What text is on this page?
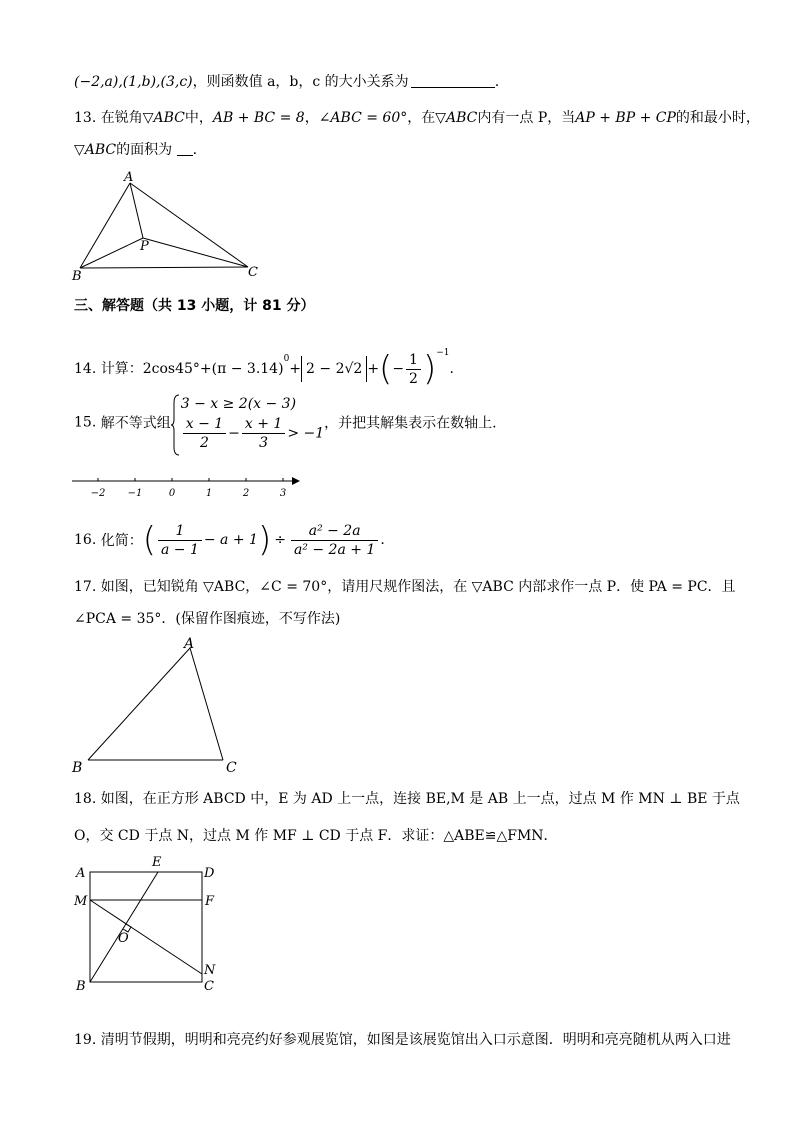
(−2,a),(1,b),(3,c)，则函数值 a，b，c 的大小关系为	.
13. 在锐角▽ABC中，AB + BC = 8，∠ABC = 60°，在▽ABC内有一点 P，当AP + BP + CP的和最小时，
▽ABC的面积为 .
A
B	C
P
三、解答题（共 13 小题，计 81 分）
14. 计算：$2\cos 45^\circ+(\pi - 3.14)^0+ 2 - 2√2$ +(− $\frac{1}{2} )^{-1}$.
15. 解不等式组
3 − x ≥ 2(x − 3)
$\frac{x - 1}{2} - \frac{x + 1}{3} > -1$
，并把其解集表示在数轴上.
−2 −1	0	1	2	3
16. 化简：( $\frac{1}{a - 1} - a + 1) \div \frac{\text{a² − 2a}}{\text{a² − 2a + 1}}$ .
17. 如图，已知锐角 ▽ABC，∠C = 70°，请用尺规作图法，在 ▽ABC 内部求作一点 P．使 PA = PC．且
∠PCA = 35°．(保留作图痕迹，不写作法)
A
B	C
18. 如图，在正方形 ABCD 中，E 为 AD 上一点，连接 BE,M 是 AB 上一点，过点 M 作 MN ⊥ BE 于点
O，交 CD 于点 N，过点 M 作 MF ⊥ CD 于点 F．求证：△ABE≌△FMN．
A	D
E
M	F
O
B
N
C
19. 清明节假期，明明和亮亮约好参观展览馆，如图是该展览馆出入口示意图．明明和亮亮随机从两入口进
